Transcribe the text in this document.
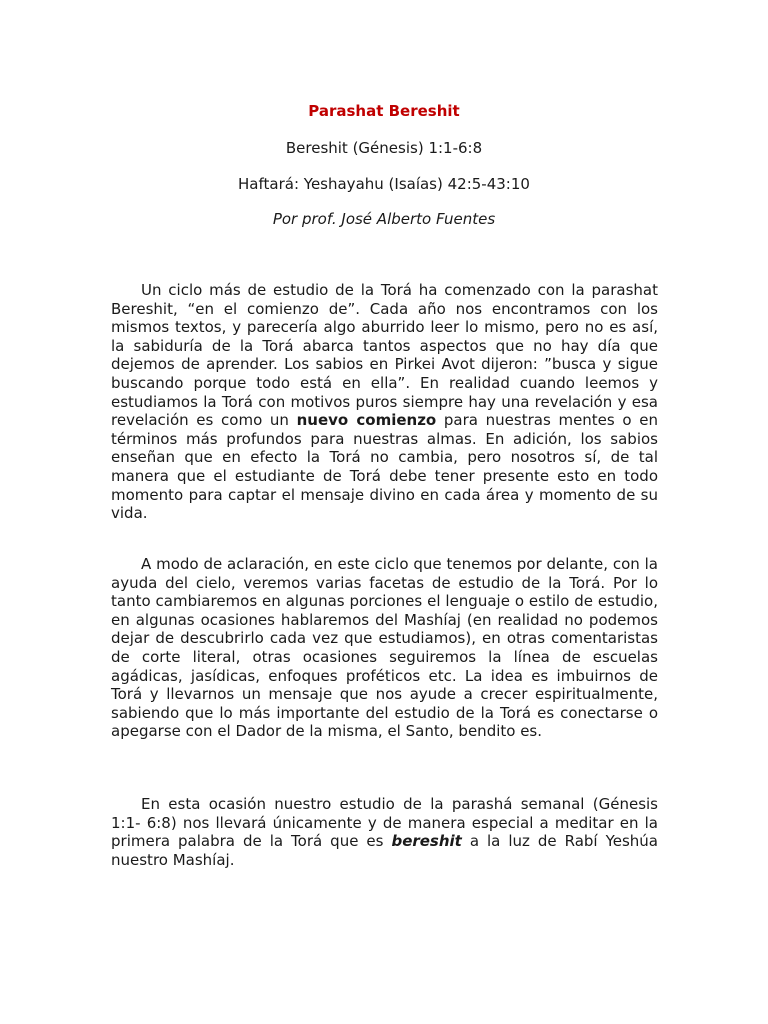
Parashat Bereshit
Bereshit (Génesis) 1:1-6:8
Haftará: Yeshayahu (Isaías) 42:5-43:10
Por prof. José Alberto Fuentes

Un ciclo más de estudio de la Torá ha comenzado con la parashat Bereshit, “en el comienzo de”. Cada año nos encontramos con los mismos textos, y parecería algo aburrido leer lo mismo, pero no es así, la sabiduría de la Torá abarca tantos aspectos que no hay día que dejemos de aprender. Los sabios en Pirkei Avot dijeron: ”busca y sigue buscando porque todo está en ella”. En realidad cuando leemos y estudiamos la Torá con motivos puros siempre hay una revelación y esa revelación es como un nuevo comienzo para nuestras mentes o en términos más profundos para nuestras almas. En adición, los sabios enseñan que en efecto la Torá no cambia, pero nosotros sí, de tal manera que el estudiante de Torá debe tener presente esto en todo momento para captar el mensaje divino en cada área y momento de su vida.

A modo de aclaración, en este ciclo que tenemos por delante, con la ayuda del cielo, veremos varias facetas de estudio de la Torá. Por lo tanto cambiaremos en algunas porciones el lenguaje o estilo de estudio, en algunas ocasiones hablaremos del Mashíaj (en realidad no podemos dejar de descubrirlo cada vez que estudiamos), en otras comentaristas de corte literal, otras ocasiones seguiremos la línea de escuelas agádicas, jasídicas, enfoques proféticos etc. La idea es imbuirnos de Torá y llevarnos un mensaje que nos ayude a crecer espiritualmente, sabiendo que lo más importante del estudio de la Torá es conectarse o apegarse con el Dador de la misma, el Santo, bendito es.

En esta ocasión nuestro estudio de la parashá semanal (Génesis 1:1- 6:8) nos llevará únicamente y de manera especial a meditar en la primera palabra de la Torá que es bereshit a la luz de Rabí Yeshúa nuestro Mashíaj.
